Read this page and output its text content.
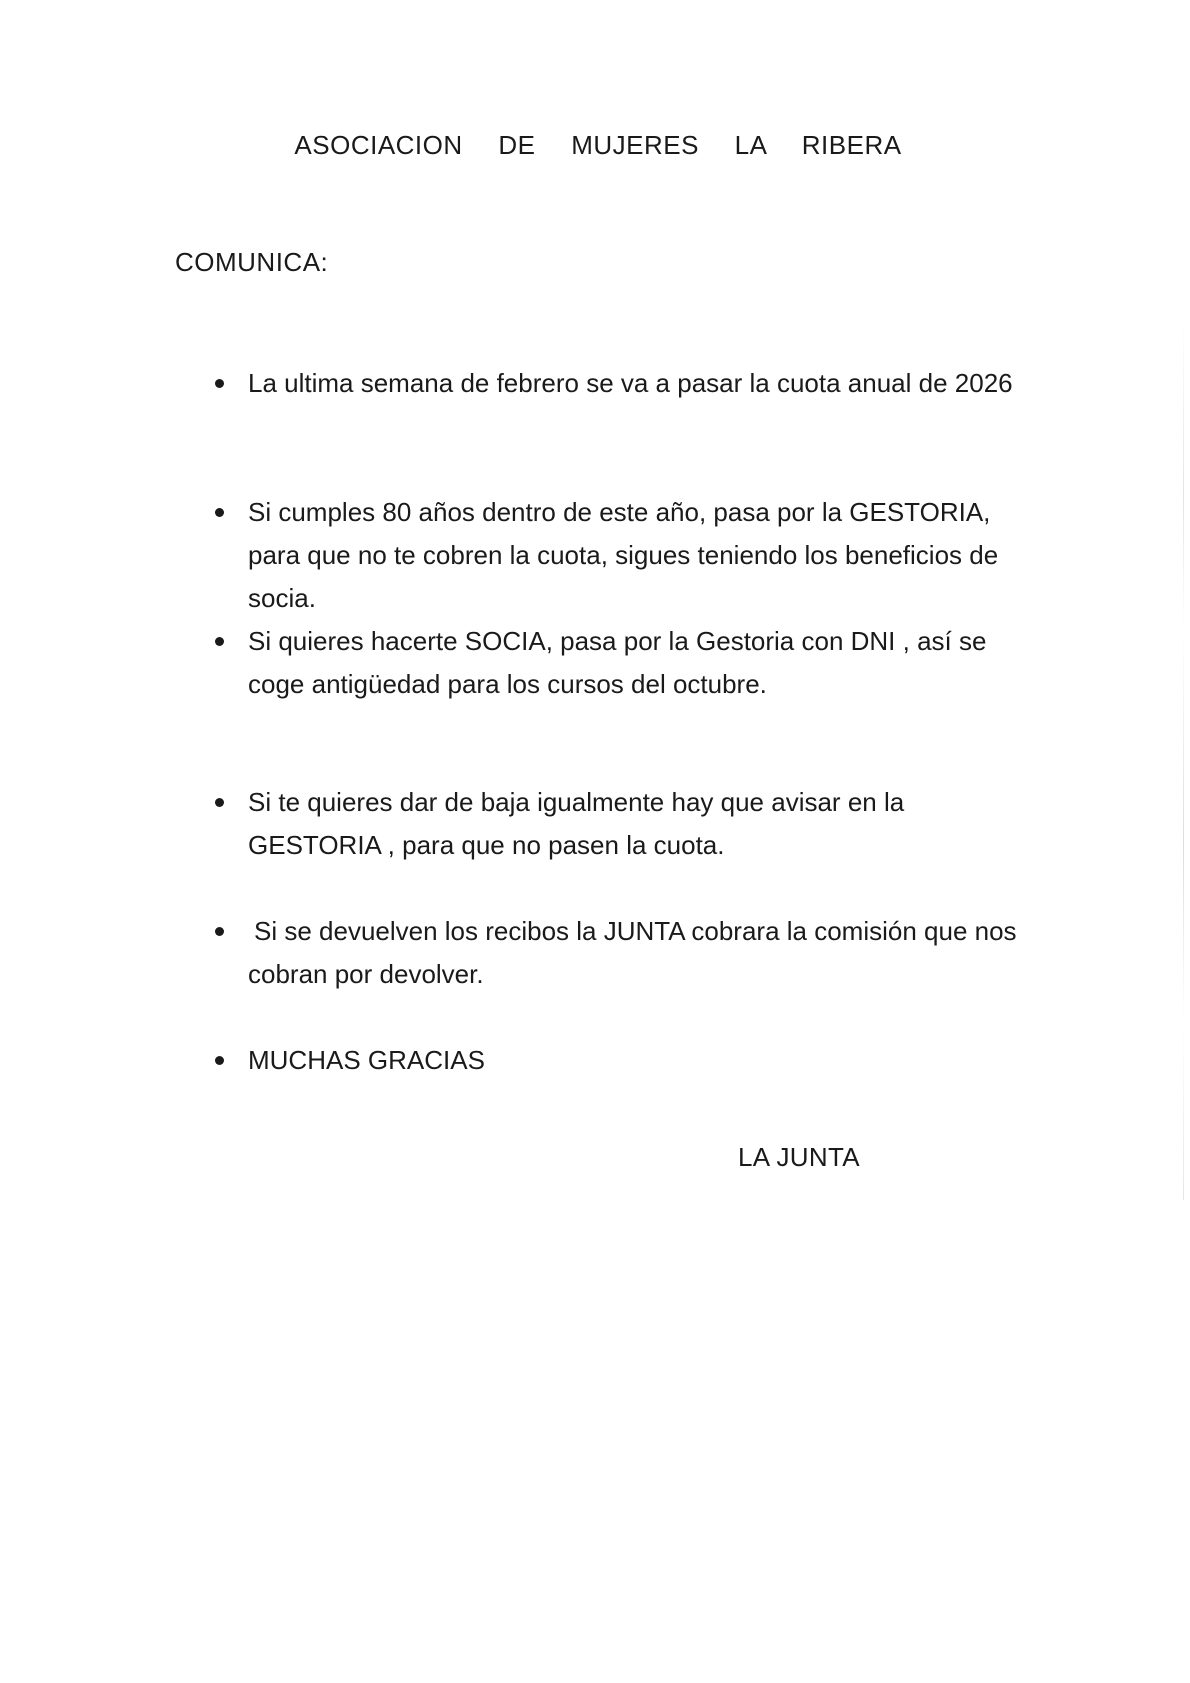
ASOCIACION DE MUJERES LA RIBERA
COMUNICA:
La ultima semana de febrero se va a pasar la cuota anual de 2026
Si cumples 80 años dentro de este año, pasa por la GESTORIA, para que no te cobren la cuota, sigues teniendo los beneficios de socia.
Si quieres hacerte SOCIA, pasa por la Gestoria con DNI , así se coge antigüedad para los cursos del octubre.
Si te quieres dar de baja igualmente hay que avisar en la GESTORIA , para que no pasen la cuota.
Si se devuelven los recibos la JUNTA cobrara la comisión que nos cobran por devolver.
MUCHAS GRACIAS
LA JUNTA
